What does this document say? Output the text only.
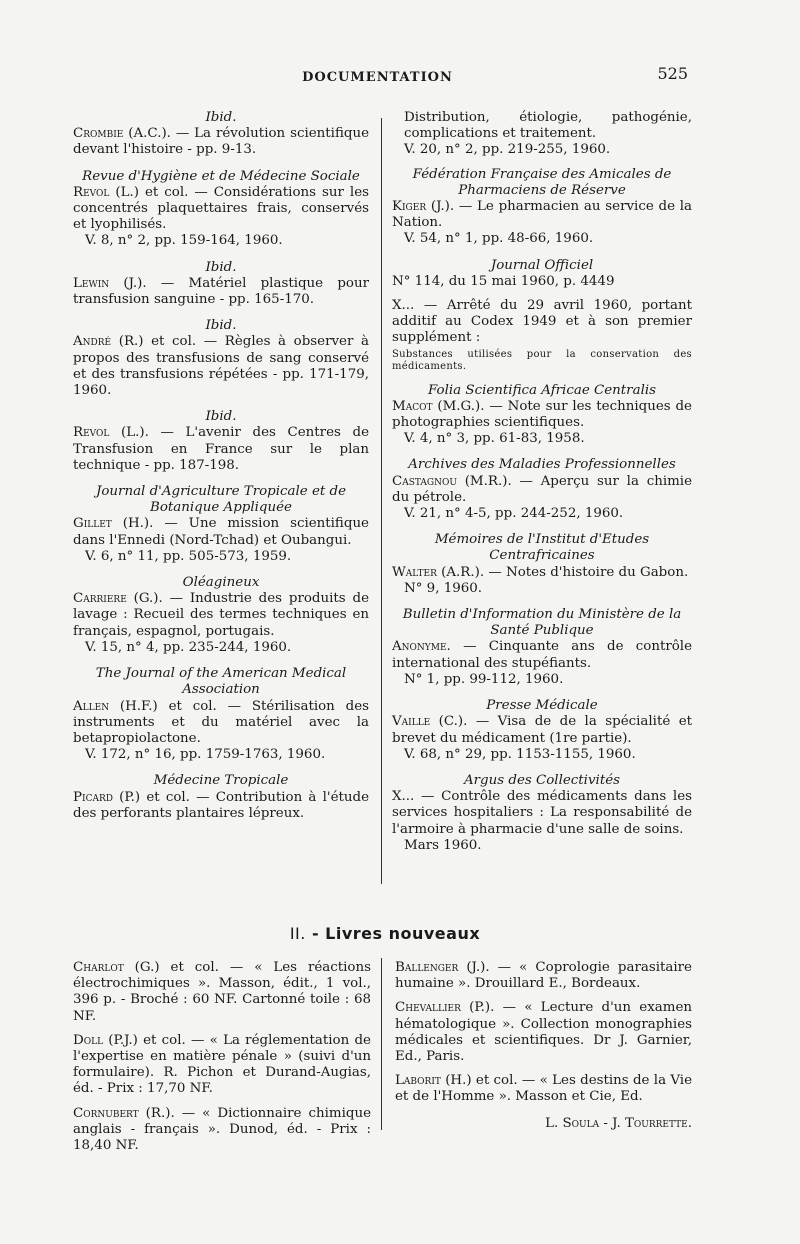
DOCUMENTATION	525

Ibid.

Crombie (A.C.). — La révolution scientifique devant l'histoire - pp. 9-13.

Revue d'Hygiène et de Médecine Sociale

Revol (L.) et col. — Considérations sur les concentrés plaquettaires frais, conservés et lyophilisés.

V. 8, n° 2, pp. 159-164, 1960.

Ibid.

Lewin (J.). — Matériel plastique pour transfusion sanguine - pp. 165-170.

Ibid.

André (R.) et col. — Règles à observer à propos des transfusions de sang conservé et des transfusions répétées - pp. 171-179, 1960.

Ibid.

Revol (L.). — L'avenir des Centres de Transfusion en France sur le plan technique - pp. 187-198.

Journal d'Agriculture Tropicale et de Botanique Appliquée

Gillet (H.). — Une mission scientifique dans l'Ennedi (Nord-Tchad) et Oubangui.

V. 6, n° 11, pp. 505-573, 1959.

Oléagineux

Carriere (G.). — Industrie des produits de lavage : Recueil des termes techniques en français, espagnol, portugais.

V. 15, n° 4, pp. 235-244, 1960.

The Journal of the American Medical Association

Allen (H.F.) et col. — Stérilisation des instruments et du matériel avec la betapropiolactone.

V. 172, n° 16, pp. 1759-1763, 1960.

Médecine Tropicale

Picard (P.) et col. — Contribution à l'étude des perforants plantaires lépreux.

Distribution, étiologie, pathogénie, complications et traitement.

V. 20, n° 2, pp. 219-255, 1960.

Fédération Française des Amicales de Pharmaciens de Réserve

Kiger (J.). — Le pharmacien au service de la Nation.

V. 54, n° 1, pp. 48-66, 1960.

Journal Officiel

N° 114, du 15 mai 1960, p. 4449

X... — Arrêté du 29 avril 1960, portant additif au Codex 1949 et à son premier supplément :

Substances utilisées pour la conservation des médicaments.

Folia Scientifica Africae Centralis

Macot (M.G.). — Note sur les techniques de photographies scientifiques.

V. 4, n° 3, pp. 61-83, 1958.

Archives des Maladies Professionnelles

Castagnou (M.R.). — Aperçu sur la chimie du pétrole.

V. 21, n° 4-5, pp. 244-252, 1960.

Mémoires de l'Institut d'Etudes Centrafricaines

Walter (A.R.). — Notes d'histoire du Gabon.

N° 9, 1960.

Bulletin d'Information du Ministère de la Santé Publique

Anonyme. — Cinquante ans de contrôle international des stupéfiants.

N° 1, pp. 99-112, 1960.

Presse Médicale

Vaille (C.). — Visa de de la spécialité et brevet du médicament (1re partie).

V. 68, n° 29, pp. 1153-1155, 1960.

Argus des Collectivités

X... — Contrôle des médicaments dans les services hospitaliers : La responsabilité de l'armoire à pharmacie d'une salle de soins.

Mars 1960.

II. - Livres nouveaux

Charlot (G.) et col. — « Les réactions électrochimiques ». Masson, édit., 1 vol., 396 p. - Broché : 60 NF. Cartonné toile : 68 NF.

Doll (P.J.) et col. — « La réglementation de l'expertise en matière pénale » (suivi d'un formulaire). R. Pichon et Durand-Augias, éd. - Prix : 17,70 NF.

Cornubert (R.). — « Dictionnaire chimique anglais - français ». Dunod, éd. - Prix : 18,40 NF.

Ballenger (J.). — « Coprologie parasitaire humaine ». Drouillard E., Bordeaux.

Chevallier (P.). — « Lecture d'un examen hématologique ». Collection monographies médicales et scientifiques. Dr J. Garnier, Ed., Paris.

Laborit (H.) et col. — « Les destins de la Vie et de l'Homme ». Masson et Cie, Ed.

L. Soula - J. Tourrette.
